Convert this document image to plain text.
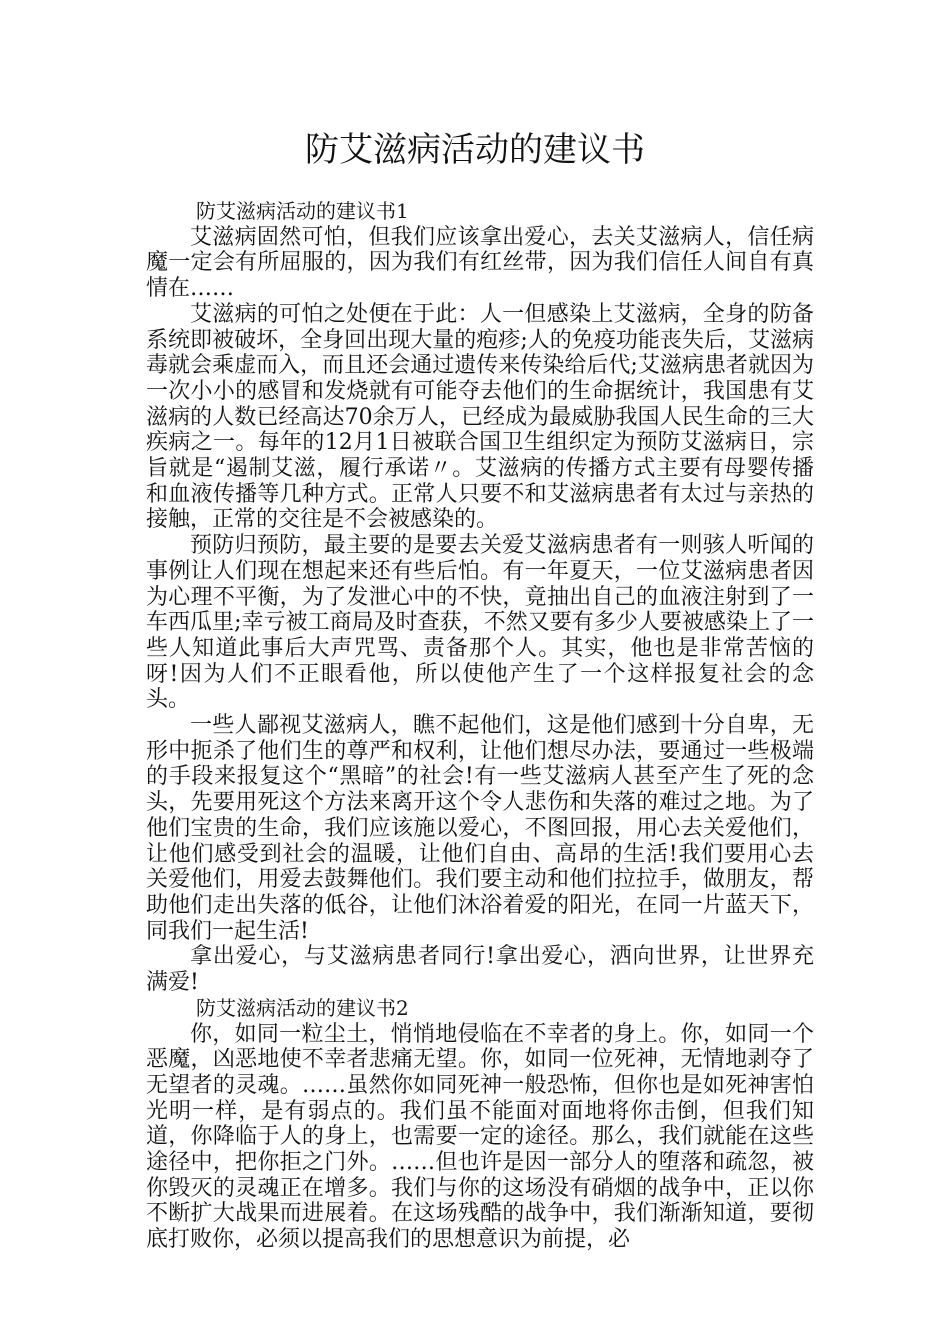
防艾滋病活动的建议书

防艾滋病活动的建议书1

艾滋病固然可怕，但我们应该拿出爱心，去关艾滋病人，信任病魔一定会有所屈服的，因为我们有红丝带，因为我们信任人间自有真情在……

艾滋病的可怕之处便在于此：人一但感染上艾滋病，全身的防备系统即被破坏，全身回出现大量的疱疹;人的免疫功能丧失后，艾滋病毒就会乘虚而入，而且还会通过遗传来传染给后代;艾滋病患者就因为一次小小的感冒和发烧就有可能夺去他们的生命据统计，我国患有艾滋病的人数已经高达70余万人，已经成为最威胁我国人民生命的三大疾病之一。每年的12月1日被联合国卫生组织定为预防艾滋病日，宗旨就是“遏制艾滋，履行承诺〃。艾滋病的传播方式主要有母婴传播和血液传播等几种方式。正常人只要不和艾滋病患者有太过与亲热的接触，正常的交往是不会被感染的。

预防归预防，最主要的是要去关爱艾滋病患者有一则骇人听闻的事例让人们现在想起来还有些后怕。有一年夏天，一位艾滋病患者因为心理不平衡，为了发泄心中的不快，竟抽出自己的血液注射到了一车西瓜里;幸亏被工商局及时查获，不然又要有多少人要被感染上了一些人知道此事后大声咒骂、责备那个人。其实，他也是非常苦恼的呀!因为人们不正眼看他，所以使他产生了一个这样报复社会的念头。

一些人鄙视艾滋病人，瞧不起他们，这是他们感到十分自卑，无形中扼杀了他们生的尊严和权利，让他们想尽办法，要通过一些极端的手段来报复这个“黑暗”的社会!有一些艾滋病人甚至产生了死的念头，先要用死这个方法来离开这个令人悲伤和失落的难过之地。为了他们宝贵的生命，我们应该施以爱心，不图回报，用心去关爱他们，让他们感受到社会的温暖，让他们自由、高昂的生活!我们要用心去关爱他们，用爱去鼓舞他们。我们要主动和他们拉拉手，做朋友，帮助他们走出失落的低谷，让他们沐浴着爱的阳光，在同一片蓝天下，同我们一起生活!

拿出爱心，与艾滋病患者同行!拿出爱心，洒向世界，让世界充满爱!

防艾滋病活动的建议书2

你，如同一粒尘土，悄悄地侵临在不幸者的身上。你，如同一个恶魔，凶恶地使不幸者悲痛无望。你，如同一位死神，无情地剥夺了无望者的灵魂。……虽然你如同死神一般恐怖，但你也是如死神害怕光明一样，是有弱点的。我们虽不能面对面地将你击倒，但我们知道，你降临于人的身上，也需要一定的途径。那么，我们就能在这些途径中，把你拒之门外。……但也许是因一部分人的堕落和疏忽，被你毁灭的灵魂正在增多。我们与你的这场没有硝烟的战争中，正以你不断扩大战果而进展着。在这场残酷的战争中，我们渐渐知道，要彻底打败你，必须以提高我们的思想意识为前提，必
